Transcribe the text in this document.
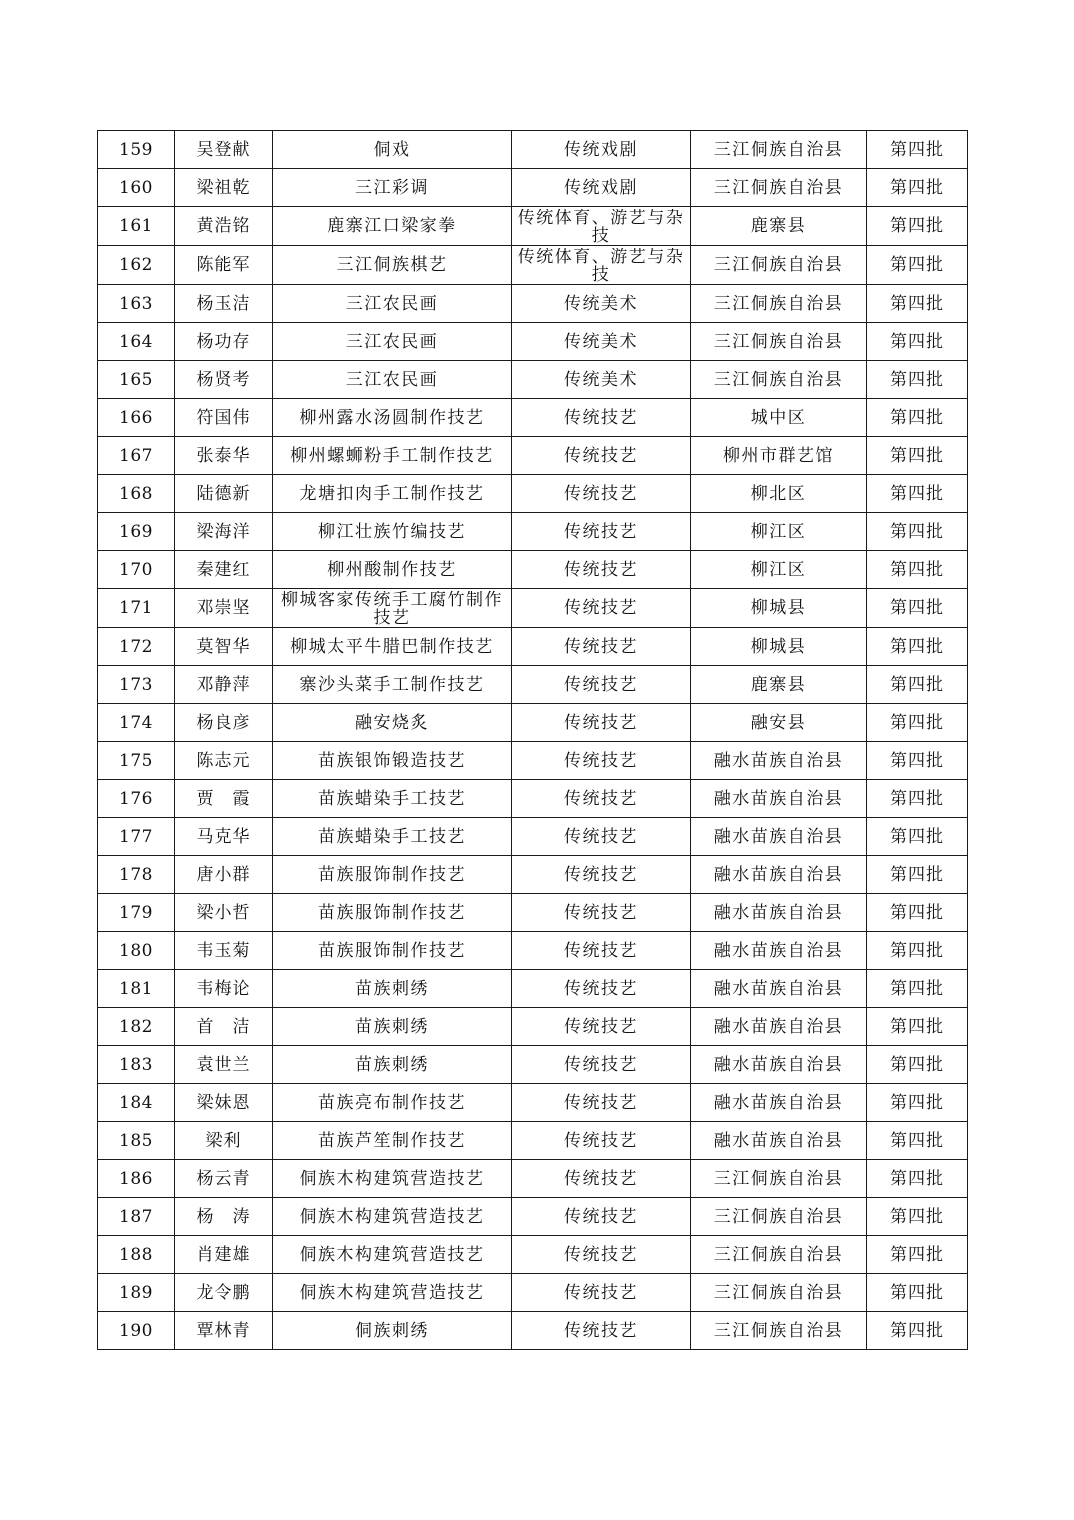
159	吴登献	侗戏	传统戏剧	三江侗族自治县	第四批
160	梁祖乾	三江彩调	传统戏剧	三江侗族自治县	第四批
161	黄浩铭	鹿寨江口梁家拳	传统体育、游艺与杂技	鹿寨县	第四批
162	陈能军	三江侗族棋艺	传统体育、游艺与杂技	三江侗族自治县	第四批
163	杨玉洁	三江农民画	传统美术	三江侗族自治县	第四批
164	杨功存	三江农民画	传统美术	三江侗族自治县	第四批
165	杨贤考	三江农民画	传统美术	三江侗族自治县	第四批
166	符国伟	柳州露水汤圆制作技艺	传统技艺	城中区	第四批
167	张泰华	柳州螺蛳粉手工制作技艺	传统技艺	柳州市群艺馆	第四批
168	陆德新	龙塘扣肉手工制作技艺	传统技艺	柳北区	第四批
169	梁海洋	柳江壮族竹编技艺	传统技艺	柳江区	第四批
170	秦建红	柳州酸制作技艺	传统技艺	柳江区	第四批
171	邓崇坚	柳城客家传统手工腐竹制作技艺	传统技艺	柳城县	第四批
172	莫智华	柳城太平牛腊巴制作技艺	传统技艺	柳城县	第四批
173	邓静萍	寨沙头菜手工制作技艺	传统技艺	鹿寨县	第四批
174	杨良彦	融安烧炙	传统技艺	融安县	第四批
175	陈志元	苗族银饰锻造技艺	传统技艺	融水苗族自治县	第四批
176	贾　霞	苗族蜡染手工技艺	传统技艺	融水苗族自治县	第四批
177	马克华	苗族蜡染手工技艺	传统技艺	融水苗族自治县	第四批
178	唐小群	苗族服饰制作技艺	传统技艺	融水苗族自治县	第四批
179	梁小哲	苗族服饰制作技艺	传统技艺	融水苗族自治县	第四批
180	韦玉菊	苗族服饰制作技艺	传统技艺	融水苗族自治县	第四批
181	韦梅论	苗族刺绣	传统技艺	融水苗族自治县	第四批
182	首　洁	苗族刺绣	传统技艺	融水苗族自治县	第四批
183	袁世兰	苗族刺绣	传统技艺	融水苗族自治县	第四批
184	梁妹恩	苗族亮布制作技艺	传统技艺	融水苗族自治县	第四批
185	梁利	苗族芦笙制作技艺	传统技艺	融水苗族自治县	第四批
186	杨云青	侗族木构建筑营造技艺	传统技艺	三江侗族自治县	第四批
187	杨　涛	侗族木构建筑营造技艺	传统技艺	三江侗族自治县	第四批
188	肖建雄	侗族木构建筑营造技艺	传统技艺	三江侗族自治县	第四批
189	龙令鹏	侗族木构建筑营造技艺	传统技艺	三江侗族自治县	第四批
190	覃林青	侗族刺绣	传统技艺	三江侗族自治县	第四批
